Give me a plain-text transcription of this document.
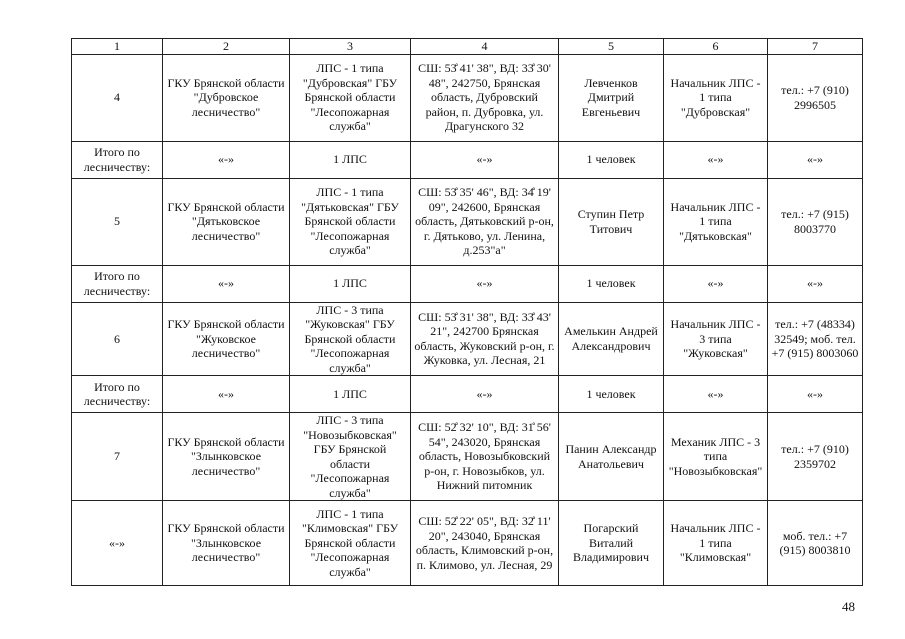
1	2	3	4	5	6	7
4	ГКУ Брянской области "Дубровское лесничество"	ЛПС - 1 типа "Дубровская" ГБУ Брянской области "Лесопожарная служба"	СШ: 53̊ 41' 38", ВД: 33̊ 30' 48", 242750, Брянская область, Дубровский район, п. Дубровка, ул. Драгунского 32	Левченков Дмитрий Евгеньевич	Начальник ЛПС - 1 типа "Дубровская"	тел.: +7 (910) 2996505
Итого по лесничеству:	«-»	1 ЛПС	«-»	1 человек	«-»	«-»
5	ГКУ Брянской области "Дятьковское лесничество"	ЛПС - 1 типа "Дятьковская" ГБУ Брянской области "Лесопожарная служба"	СШ: 53̊ 35' 46", ВД: 34̊ 19' 09", 242600, Брянская область, Дятьковский р-он, г. Дятьково, ул. Ленина, д.253"а"	Ступин Петр Титович	Начальник ЛПС - 1 типа "Дятьковская"	тел.: +7 (915) 8003770
Итого по лесничеству:	«-»	1 ЛПС	«-»	1 человек	«-»	«-»
6	ГКУ Брянской области "Жуковское лесничество"	ЛПС - 3 типа "Жуковская" ГБУ Брянской области "Лесопожарная служба"	СШ: 53̊ 31' 38", ВД: 33̊ 43' 21", 242700 Брянская область, Жуковский р-он, г. Жуковка, ул. Лесная, 21	Амелькин Андрей Александрович	Начальник ЛПС - 3 типа "Жуковская"	тел.: +7 (48334) 32549; моб. тел. +7 (915) 8003060
Итого по лесничеству:	«-»	1 ЛПС	«-»	1 человек	«-»	«-»
7	ГКУ Брянской области "Злынковское лесничество"	ЛПС - 3 типа "Новозыбковская" ГБУ Брянской области "Лесопожарная служба"	СШ: 52̊ 32' 10", ВД: 31̊ 56' 54", 243020, Брянская область, Новозыбковский р-он, г. Новозыбков, ул. Нижний питомник	Панин Александр Анатольевич	Механик ЛПС - 3 типа "Новозыбковская"	тел.: +7 (910) 2359702
«-»	ГКУ Брянской области "Злынковское лесничество"	ЛПС - 1 типа "Климовская" ГБУ Брянской области "Лесопожарная служба"	СШ: 52̊ 22' 05", ВД: 32̊ 11' 20", 243040, Брянская область, Климовский р-он, п. Климово, ул. Лесная, 29	Погарский Виталий Владимирович	Начальник ЛПС - 1 типа "Климовская"	моб. тел.: +7 (915) 8003810
48
